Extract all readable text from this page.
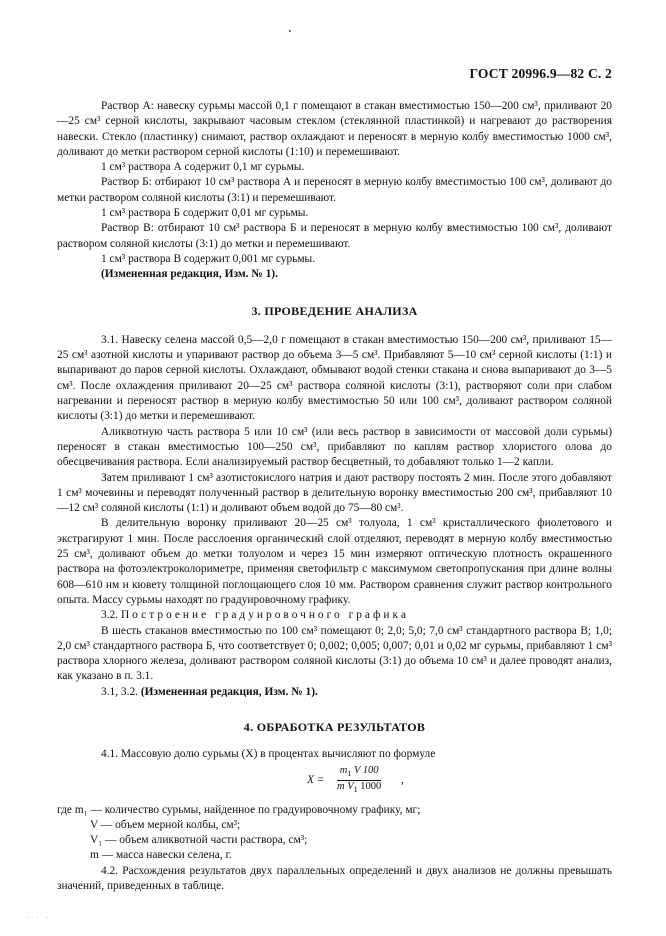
ГОСТ 20996.9—82 С. 2

Раствор А: навеску сурьмы массой 0,1 г помещают в стакан вместимостью 150—200 см³, приливают 20—25 см³ серной кислоты, закрывают часовым стеклом (стеклянной пластинкой) и нагревают до растворения навески. Стекло (пластинку) снимают, раствор охлаждают и переносят в мерную колбу вместимостью 1000 см³, доливают до метки раствором серной кислоты (1:10) и перемешивают.

1 см³ раствора А содержит 0,1 мг сурьмы.

Раствор Б: отбирают 10 см³ раствора А и переносят в мерную колбу вместимостью 100 см³, доливают до метки раствором соляной кислоты (3:1) и перемешивают.

1 см³ раствора Б содержит 0,01 мг сурьмы.

Раствор В: отбирают 10 см³ раствора Б и переносят в мерную колбу вместимостью 100 см³, доливают раствором соляной кислоты (3:1) до метки и перемешивают.

1 см³ раствора В содержит 0,001 мг сурьмы.

(Измененная редакция, Изм. № 1).

3. ПРОВЕДЕНИЕ АНАЛИЗА

3.1. Навеску селена массой 0,5—2,0 г помещают в стакан вместимостью 150—200 см³, приливают 15—25 см³ азотной кислоты и упаривают раствор до объема 3—5 см³. Прибавляют 5—10 см³ серной кислоты (1:1) и выпаривают до паров серной кислоты. Охлаждают, обмывают водой стенки стакана и снова выпаривают до 3—5 см³. После охлаждения приливают 20—25 см³ раствора соляной кислоты (3:1), растворяют соли при слабом нагревании и переносят раствор в мерную колбу вместимостью 50 или 100 см³, доливают раствором соляной кислоты (3:1) до метки и перемешивают.

Аликвотную часть раствора 5 или 10 см³ (или весь раствор в зависимости от массовой доли сурьмы) переносят в стакан вместимостью 100—250 см³, прибавляют по каплям раствор хлористого олова до обесцвечивания раствора. Если анализируемый раствор бесцветный, то добавляют только 1—2 капли.

Затем приливают 1 см³ азотистокислого натрия и дают раствору постоять 2 мин. После этого добавляют 1 см³ мочевины и переводят полученный раствор в делительную воронку вместимостью 200 см³, прибавляют 10—12 см³ соляной кислоты (1:1) и доливают объем водой до 75—80 см³.

В делительную воронку приливают 20—25 см³ толуола, 1 см³ кристаллического фиолетового и экстрагируют 1 мин. После расслоения органический слой отделяют, переводят в мерную колбу вместимостью 25 см³, доливают объем до метки толуолом и через 15 мин измеряют оптическую плотность окрашенного раствора на фотоэлектроколориметре, применяя светофильтр с максимумом светопропускания при длине волны 608—610 нм и кювету толщиной поглощающего слоя 10 мм. Раствором сравнения служит раствор контрольного опыта. Массу сурьмы находят по градуировочному графику.

3.2. Построение градуировочного графика

В шесть стаканов вместимостью по 100 см³ помещают 0; 2,0; 5,0; 7,0 см³ стандартного раствора В; 1,0; 2,0 см³ стандартного раствора Б, что соответствует 0; 0,002; 0,005; 0,007; 0,01 и 0,02 мг сурьмы, прибавляют 1 см³ раствора хлорного железа, доливают раствором соляной кислоты (3:1) до объема 10 см³ и далее проводят анализ, как указано в п. 3.1.

3.1, 3.2. (Измененная редакция, Изм. № 1).

4. ОБРАБОТКА РЕЗУЛЬТАТОВ

4.1. Массовую долю сурьмы (X) в процентах вычисляют по формуле

$X = \frac{m_1 V 100}{m V_1 1000}$ ,

где m₁ — количество сурьмы, найденное по градуировочному графику, мг;

V — объем мерной колбы, см³;

V₁ — объем аликвотной части раствора, см³;

m — масса навески селена, г.

4.2. Расхождения результатов двух параллельных определений и двух анализов не должны превышать значений, приведенных в таблице.

· · ·
